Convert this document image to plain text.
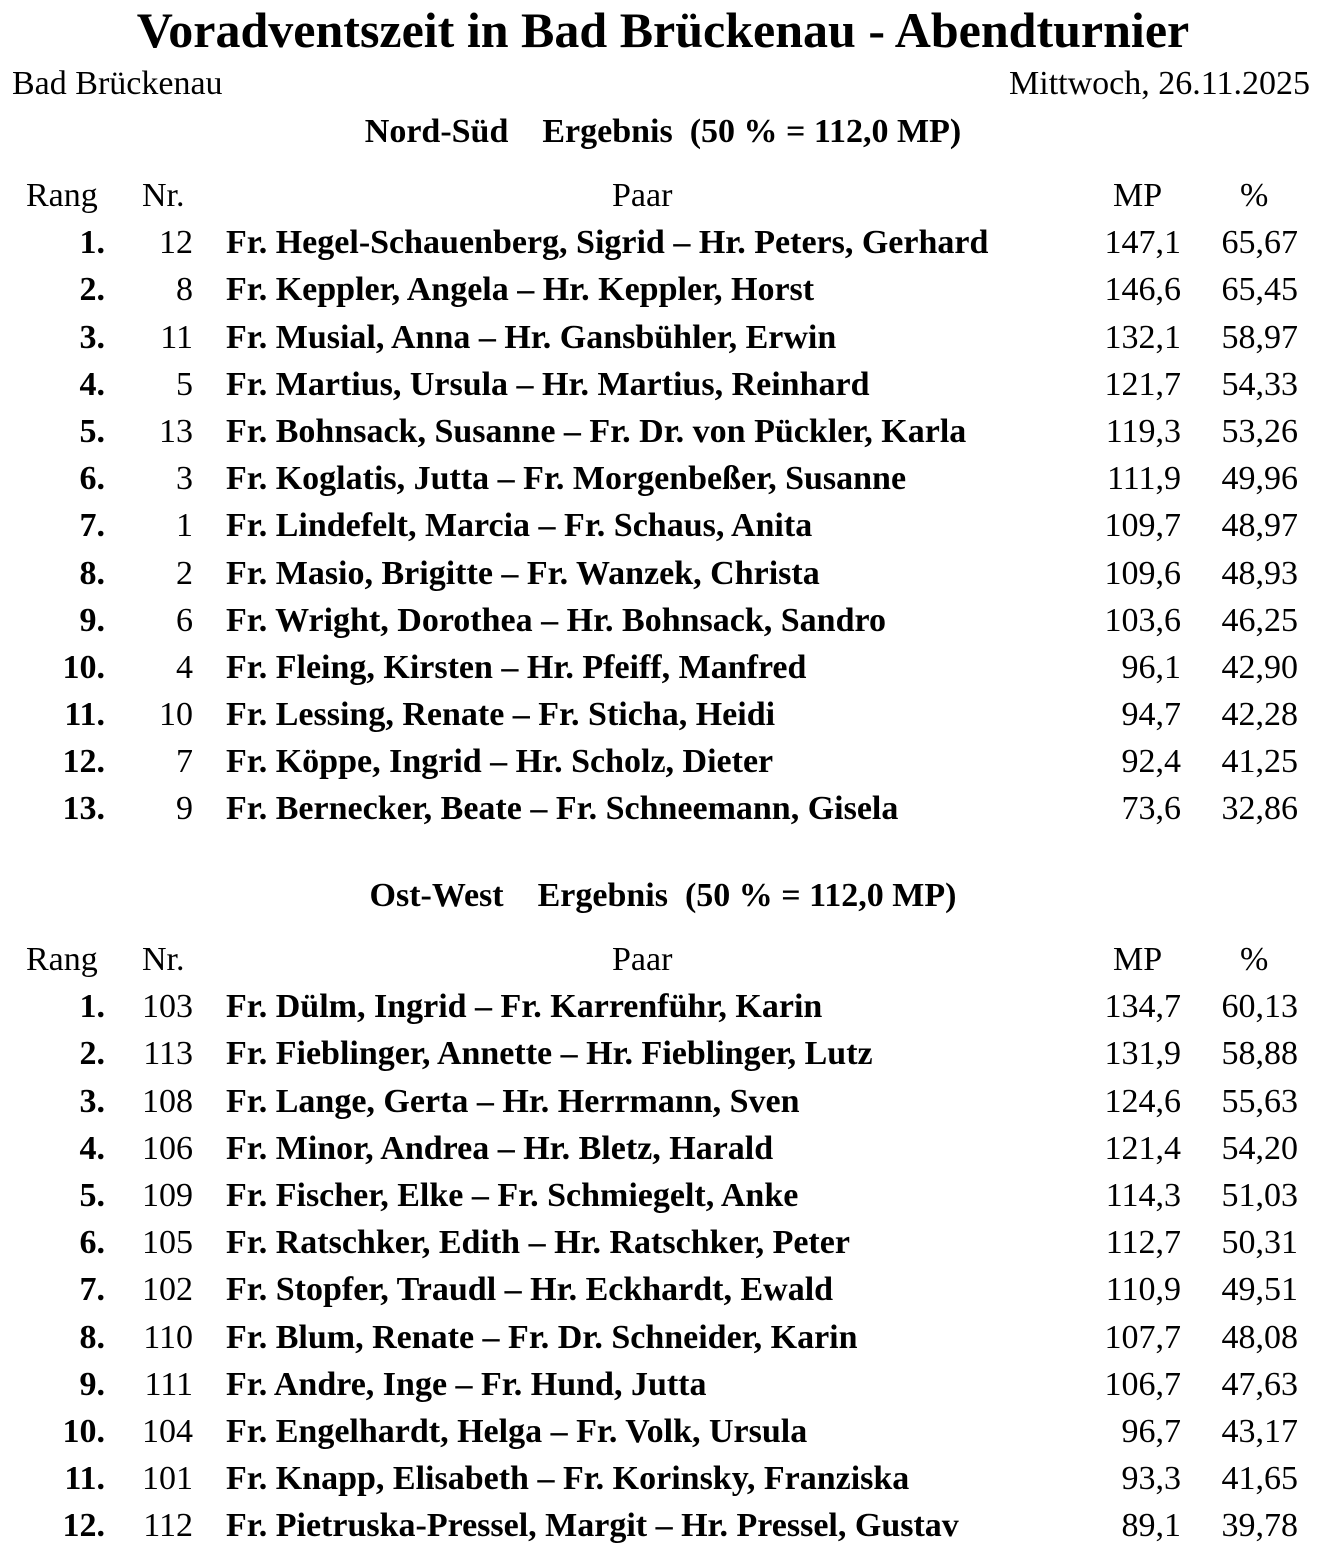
Voradventszeit in Bad Brückenau - Abendturnier
Bad Brückenau	Mittwoch, 26.11.2025
Nord-Süd    Ergebnis  (50 % = 112,0 MP)
Rang Nr.	Paar	MP %
1. 12 Fr. Hegel-Schauenberg, Sigrid – Hr. Peters, Gerhard	147,1 65,67
2. 8 Fr. Keppler, Angela – Hr. Keppler, Horst	146,6 65,45
3. 11 Fr. Musial, Anna – Hr. Gansbühler, Erwin	132,1 58,97
4. 5 Fr. Martius, Ursula – Hr. Martius, Reinhard	121,7 54,33
5. 13 Fr. Bohnsack, Susanne – Fr. Dr. von Pückler, Karla	119,3 53,26
6. 3 Fr. Koglatis, Jutta – Fr. Morgenbeßer, Susanne	111,9 49,96
7. 1 Fr. Lindefelt, Marcia – Fr. Schaus, Anita	109,7 48,97
8. 2 Fr. Masio, Brigitte – Fr. Wanzek, Christa	109,6 48,93
9. 6 Fr. Wright, Dorothea – Hr. Bohnsack, Sandro	103,6 46,25
10. 4 Fr. Fleing, Kirsten – Hr. Pfeiff, Manfred	96,1 42,90
11. 10 Fr. Lessing, Renate – Fr. Sticha, Heidi	94,7 42,28
12. 7 Fr. Köppe, Ingrid – Hr. Scholz, Dieter	92,4 41,25
13. 9 Fr. Bernecker, Beate – Fr. Schneemann, Gisela	73,6 32,86
Ost-West    Ergebnis  (50 % = 112,0 MP)
Rang Nr.	Paar	MP %
1. 103 Fr. Dülm, Ingrid – Fr. Karrenführ, Karin	134,7 60,13
2. 113 Fr. Fieblinger, Annette – Hr. Fieblinger, Lutz	131,9 58,88
3. 108 Fr. Lange, Gerta – Hr. Herrmann, Sven	124,6 55,63
4. 106 Fr. Minor, Andrea – Hr. Bletz, Harald	121,4 54,20
5. 109 Fr. Fischer, Elke – Fr. Schmiegelt, Anke	114,3 51,03
6. 105 Fr. Ratschker, Edith – Hr. Ratschker, Peter	112,7 50,31
7. 102 Fr. Stopfer, Traudl – Hr. Eckhardt, Ewald	110,9 49,51
8. 110 Fr. Blum, Renate – Fr. Dr. Schneider, Karin	107,7 48,08
9. 111 Fr. Andre, Inge – Fr. Hund, Jutta	106,7 47,63
10. 104 Fr. Engelhardt, Helga – Fr. Volk, Ursula	96,7 43,17
11. 101 Fr. Knapp, Elisabeth – Fr. Korinsky, Franziska	93,3 41,65
12. 112 Fr. Pietruska-Pressel, Margit – Hr. Pressel, Gustav	89,1 39,78
